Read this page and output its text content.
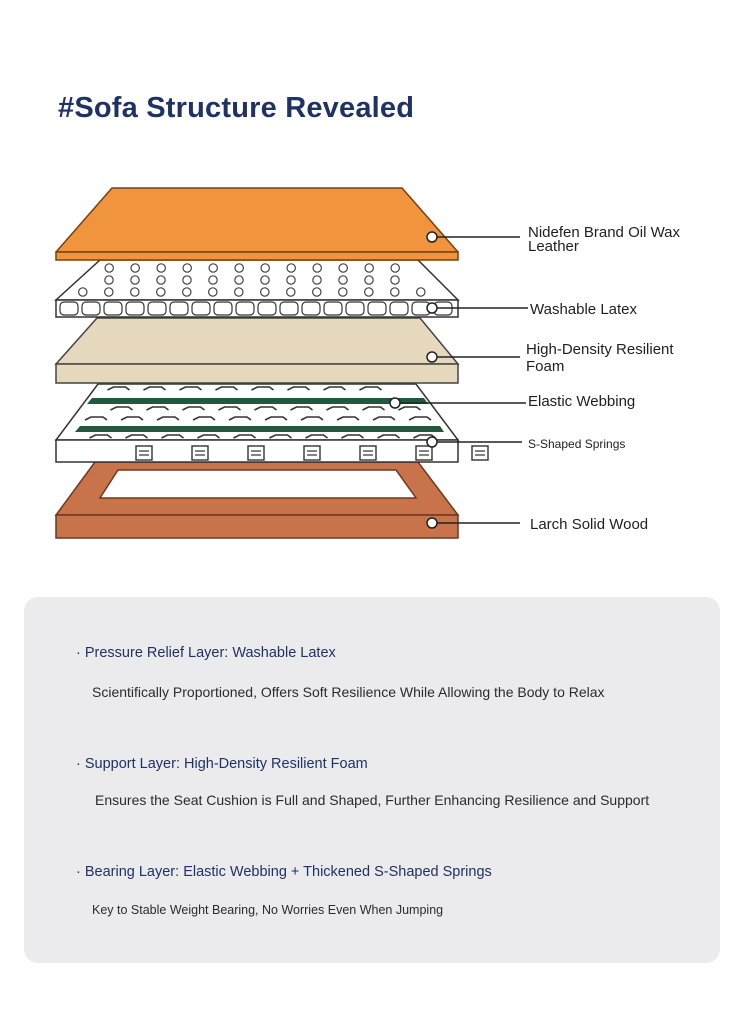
#Sofa Structure Revealed
Nidefen Brand Oil Wax
Leather
Washable Latex
High-Density Resilient
Foam
Elastic Webbing
S-Shaped Springs
Larch Solid Wood
· Pressure Relief Layer: Washable Latex
Scientifically Proportioned, Offers Soft Resilience While Allowing the Body to Relax
· Support Layer: High-Density Resilient Foam
Ensures the Seat Cushion is Full and Shaped, Further Enhancing Resilience and Support
· Bearing Layer: Elastic Webbing + Thickened S-Shaped Springs
Key to Stable Weight Bearing, No Worries Even When Jumping
